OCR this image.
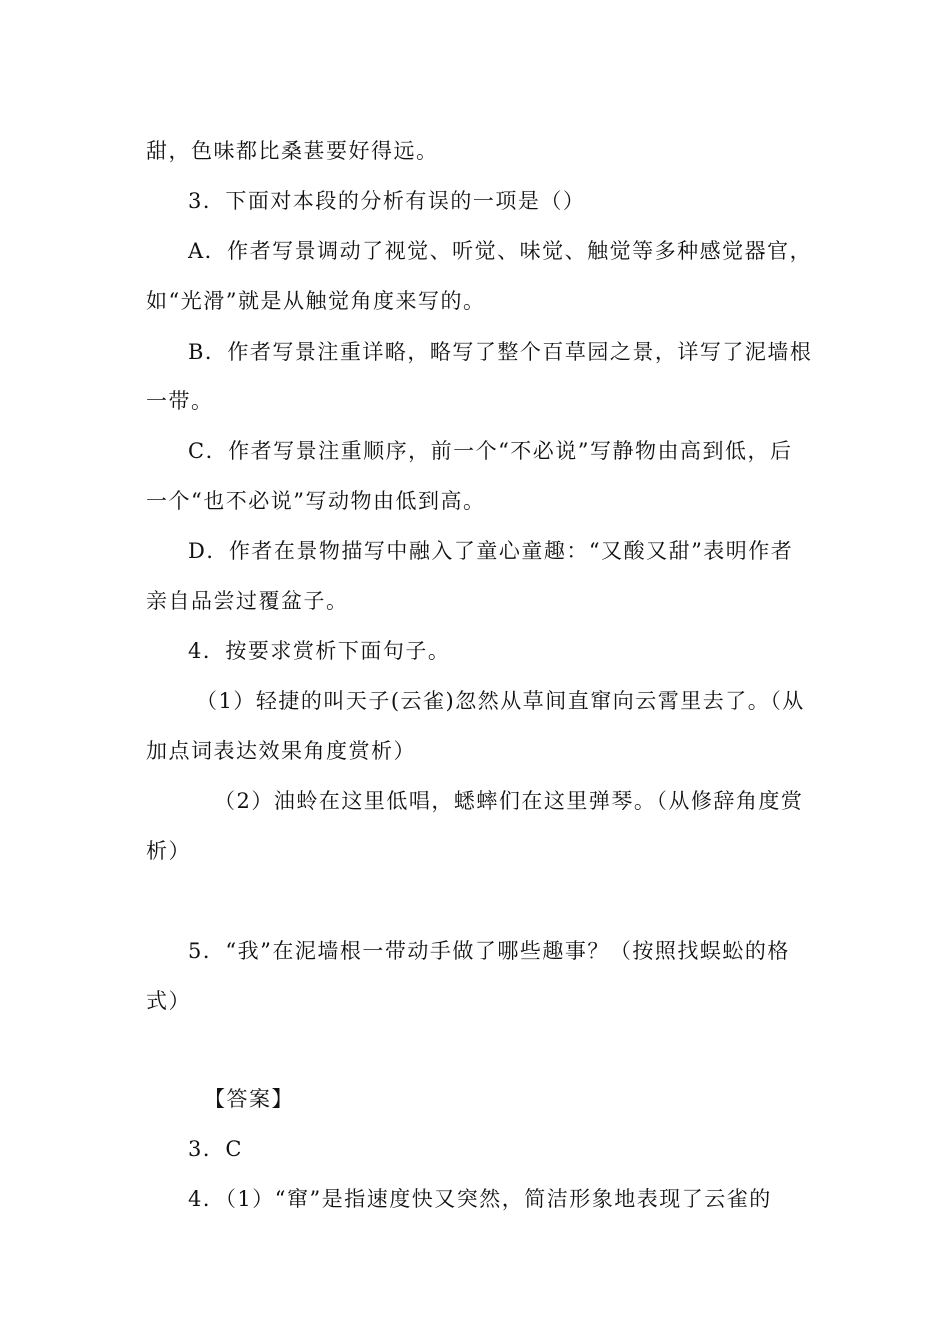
甜，色味都比桑葚要好得远。
3．下面对本段的分析有误的一项是（）
A．作者写景调动了视觉、听觉、味觉、触觉等多种感觉器官，
如“光滑”就是从触觉角度来写的。
B．作者写景注重详略，略写了整个百草园之景，详写了泥墙根
一带。
C．作者写景注重顺序，前一个“不必说”写静物由高到低，后
一个“也不必说”写动物由低到高。
D．作者在景物描写中融入了童心童趣：“又酸又甜”表明作者
亲自品尝过覆盆子。
4．按要求赏析下面句子。
（1）轻捷的叫天子(云雀)忽然从草间直窜向云霄里去了。（从
加点词表达效果角度赏析）
（2）油蛉在这里低唱，蟋蟀们在这里弹琴。（从修辞角度赏
析）
5．“我”在泥墙根一带动手做了哪些趣事？（按照找蜈蚣的格
式）
【答案】
3．C
4．（1）“窜”是指速度快又突然，简洁形象地表现了云雀的
